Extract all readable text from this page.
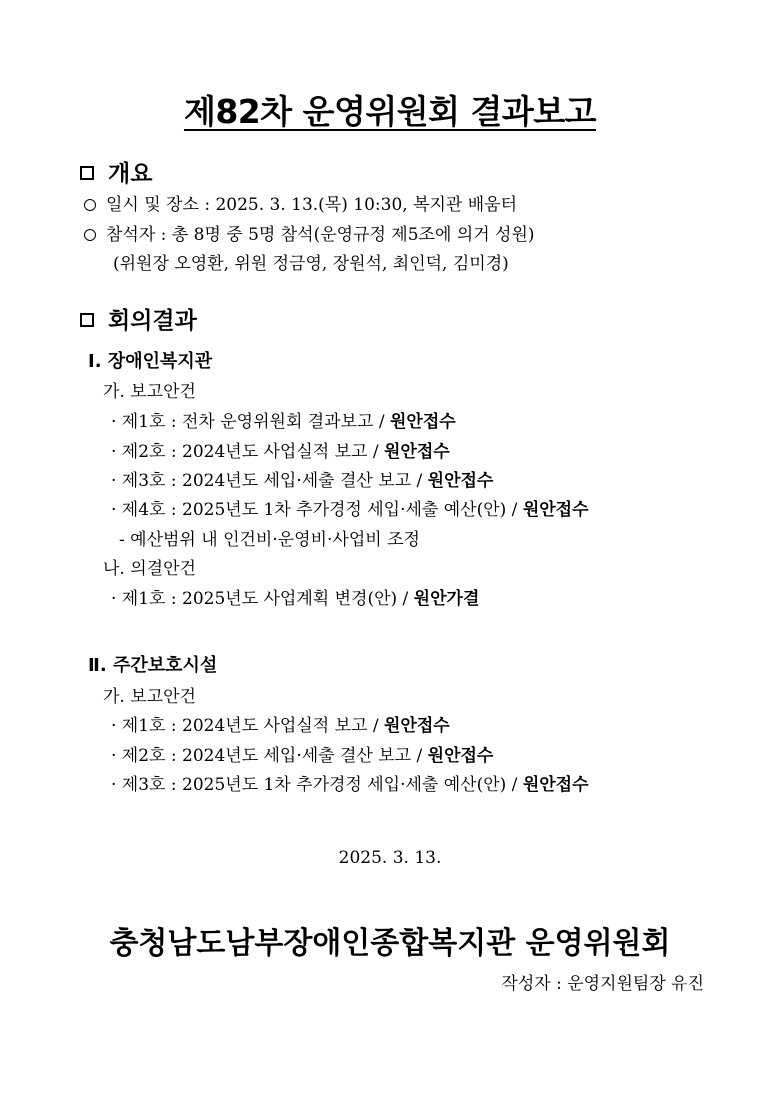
제82차 운영위원회 결과보고
개요
일시 및 장소 : 2025. 3. 13.(목) 10:30, 복지관 배움터
참석자 : 총 8명 중 5명 참석(운영규정 제5조에 의거 성원)
(위원장 오영환, 위원 정금영, 장원석, 최인덕, 김미경)
회의결과
Ⅰ. 장애인복지관
가. 보고안건
· 제1호 : 전차 운영위원회 결과보고 / 원안접수
· 제2호 : 2024년도 사업실적 보고 / 원안접수
· 제3호 : 2024년도 세입·세출 결산 보고 / 원안접수
· 제4호 : 2025년도 1차 추가경정 세입·세출 예산(안) / 원안접수
- 예산범위 내 인건비·운영비·사업비 조정
나. 의결안건
· 제1호 : 2025년도 사업계획 변경(안) / 원안가결
Ⅱ. 주간보호시설
가. 보고안건
· 제1호 : 2024년도 사업실적 보고 / 원안접수
· 제2호 : 2024년도 세입·세출 결산 보고 / 원안접수
· 제3호 : 2025년도 1차 추가경정 세입·세출 예산(안) / 원안접수
2025. 3. 13.
충청남도남부장애인종합복지관 운영위원회
작성자 : 운영지원팀장 유진
